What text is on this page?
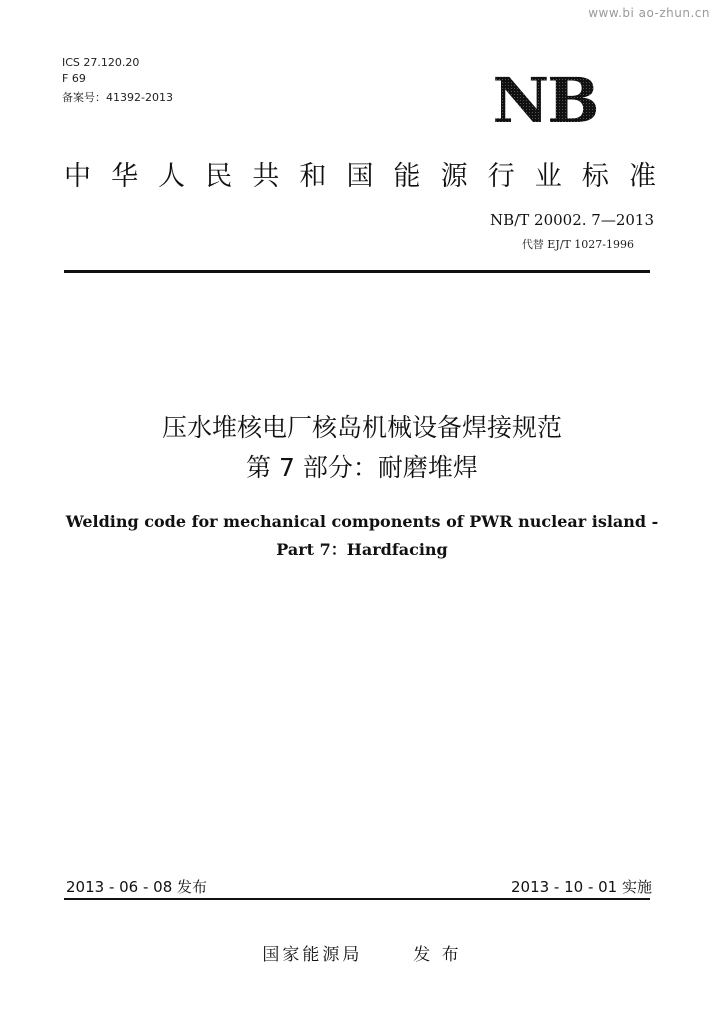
www.bi ao-zhun.cn
ICS 27.120.20
F 69
备案号：41392-2013	NB
中 华 人 民 共 和 国 能 源 行 业 标 准
NB/T 20002. 7—2013
代替 EJ/T 1027-1996
压水堆核电厂核岛机械设备焊接规范
第 7 部分：耐磨堆焊
Welding code for mechanical components of PWR nuclear island -
Part 7：Hardfacing
2013 - 06 - 08 发布	2013 - 10 - 01 实施
国家能源局	发 布
